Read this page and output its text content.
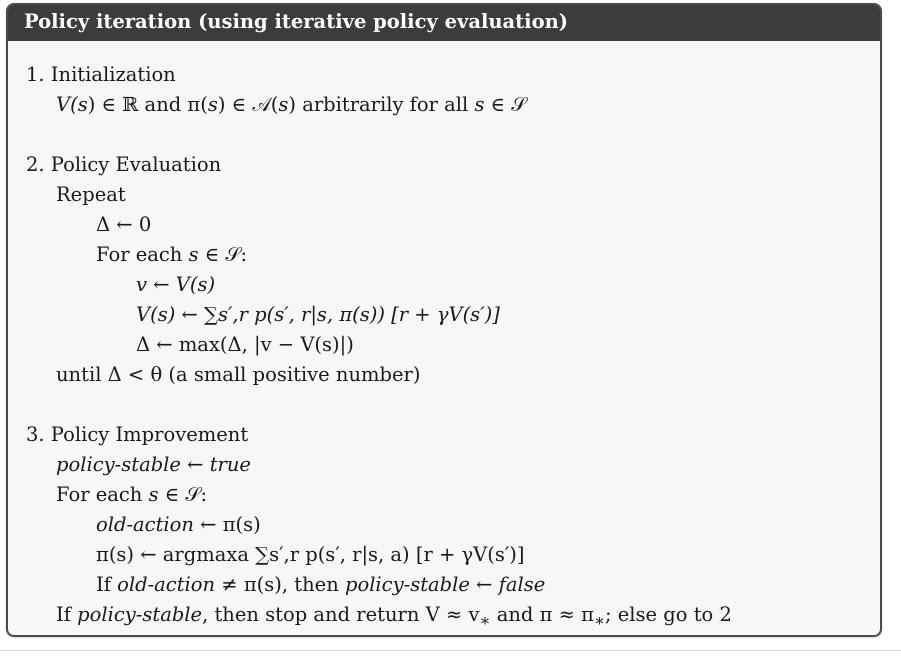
Policy iteration (using iterative policy evaluation)
1. Initialization
V(s) ∈ ℝ and π(s) ∈ 𝒜(s) arbitrarily for all s ∈ 𝒮
2. Policy Evaluation
Repeat
Δ ← 0
For each s ∈ 𝒮:
v ← V(s)
V(s) ← ∑s′,r p(s′, r|s, π(s)) [r + γV(s′)]
Δ ← max(Δ, |v − V(s)|)
until Δ < θ (a small positive number)
3. Policy Improvement
policy-stable ← true
For each s ∈ 𝒮:
old-action ← π(s)
π(s) ← argmaxa ∑s′,r p(s′, r|s, a) [r + γV(s′)]
If old-action ≠ π(s), then policy-stable ← false
If policy-stable, then stop and return $V \approx v_∗$ and $\pi \approx \pi_∗$; else go to 2
